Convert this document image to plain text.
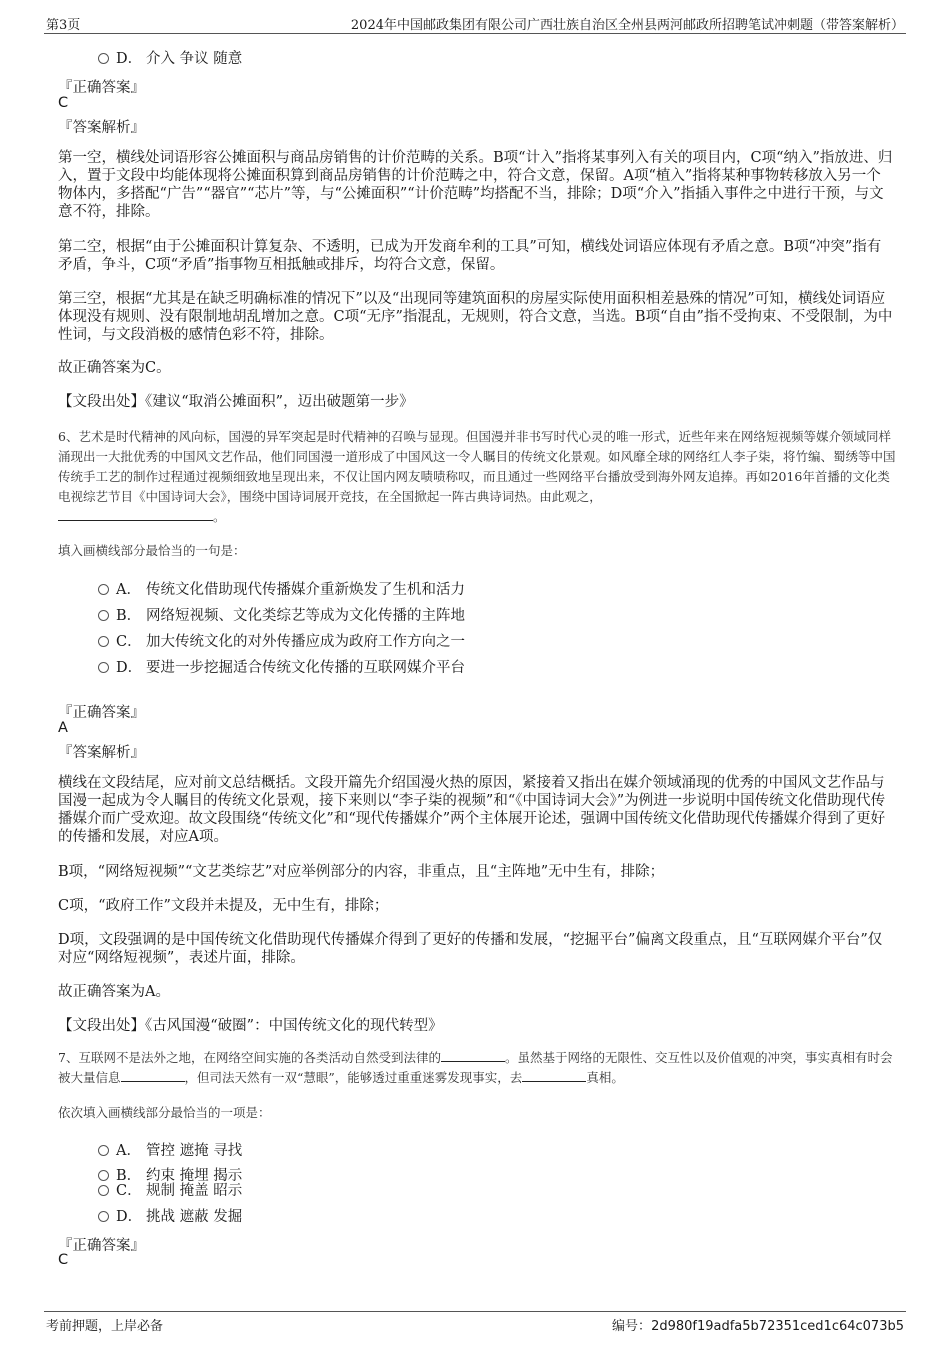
第3页	2024年中国邮政集团有限公司广西壮族自治区全州县两河邮政所招聘笔试冲刺题（带答案解析）
D． 介入 争议 随意
『正确答案』
C
『答案解析』
第一空，横线处词语形容公摊面积与商品房销售的计价范畴的关系。B项“计入”指将某事列入有关的项目内，C项“纳入”指放进、归入，置于文段中均能体现将公摊面积算到商品房销售的计价范畴之中，符合文意，保留。A项“植入”指将某种事物转移放入另一个物体内，多搭配“广告”“器官”“芯片”等，与“公摊面积”“计价范畴”均搭配不当，排除；D项“介入”指插入事件之中进行干预，与文意不符，排除。
第二空，根据“由于公摊面积计算复杂、不透明，已成为开发商牟利的工具”可知，横线处词语应体现有矛盾之意。B项“冲突”指有矛盾，争斗，C项“矛盾”指事物互相抵触或排斥，均符合文意，保留。
第三空，根据“尤其是在缺乏明确标准的情况下”以及“出现同等建筑面积的房屋实际使用面积相差悬殊的情况”可知，横线处词语应体现没有规则、没有限制地胡乱增加之意。C项“无序”指混乱，无规则，符合文意，当选。B项“自由”指不受拘束、不受限制，为中性词，与文段消极的感情色彩不符，排除。
故正确答案为C。
【文段出处】《建议“取消公摊面积”，迈出破题第一步》
6、艺术是时代精神的风向标，国漫的异军突起是时代精神的召唤与显现。但国漫并非书写时代心灵的唯一形式，近些年来在网络短视频等媒介领域同样涌现出一大批优秀的中国风文艺作品，他们同国漫一道形成了中国风这一令人瞩目的传统文化景观。如风靡全球的网络红人李子柒，将竹编、蜀绣等中国传统手工艺的制作过程通过视频细致地呈现出来，不仅让国内网友啧啧称叹，而且通过一些网络平台播放受到海外网友追捧。再如2016年首播的文化类电视综艺节目《中国诗词大会》，围绕中国诗词展开竞技，在全国掀起一阵古典诗词热。由此观之，
。
填入画横线部分最恰当的一句是：
A． 传统文化借助现代传播媒介重新焕发了生机和活力
B． 网络短视频、文化类综艺等成为文化传播的主阵地
C． 加大传统文化的对外传播应成为政府工作方向之一
D． 要进一步挖掘适合传统文化传播的互联网媒介平台
『正确答案』
A
『答案解析』
横线在文段结尾，应对前文总结概括。文段开篇先介绍国漫火热的原因，紧接着又指出在媒介领域涌现的优秀的中国风文艺作品与国漫一起成为令人瞩目的传统文化景观，接下来则以“李子柒的视频”和“《中国诗词大会》”为例进一步说明中国传统文化借助现代传播媒介而广受欢迎。故文段围绕“传统文化”和“现代传播媒介”两个主体展开论述，强调中国传统文化借助现代传播媒介得到了更好的传播和发展，对应A项。
B项，“网络短视频”“文艺类综艺”对应举例部分的内容，非重点，且“主阵地”无中生有，排除；
C项，“政府工作”文段并未提及，无中生有，排除；
D项，文段强调的是中国传统文化借助现代传播媒介得到了更好的传播和发展，“挖掘平台”偏离文段重点，且“互联网媒介平台”仅对应“网络短视频”，表述片面，排除。
故正确答案为A。
【文段出处】《古风国漫“破圈”：中国传统文化的现代转型》
7、互联网不是法外之地，在网络空间实施的各类活动自然受到法律的	。虽然基于网络的无限性、交互性以及价值观的冲突，事实真相有时会被大量信息	，但司法天然有一双“慧眼”，能够透过重重迷雾发现事实，去	真相。
依次填入画横线部分最恰当的一项是：
A． 管控 遮掩 寻找
B． 约束 掩埋 揭示
C． 规制 掩盖 昭示
D． 挑战 遮蔽 发掘
『正确答案』
C
考前押题，上岸必备	编号：2d980f19adfa5b72351ced1c64c073b5
